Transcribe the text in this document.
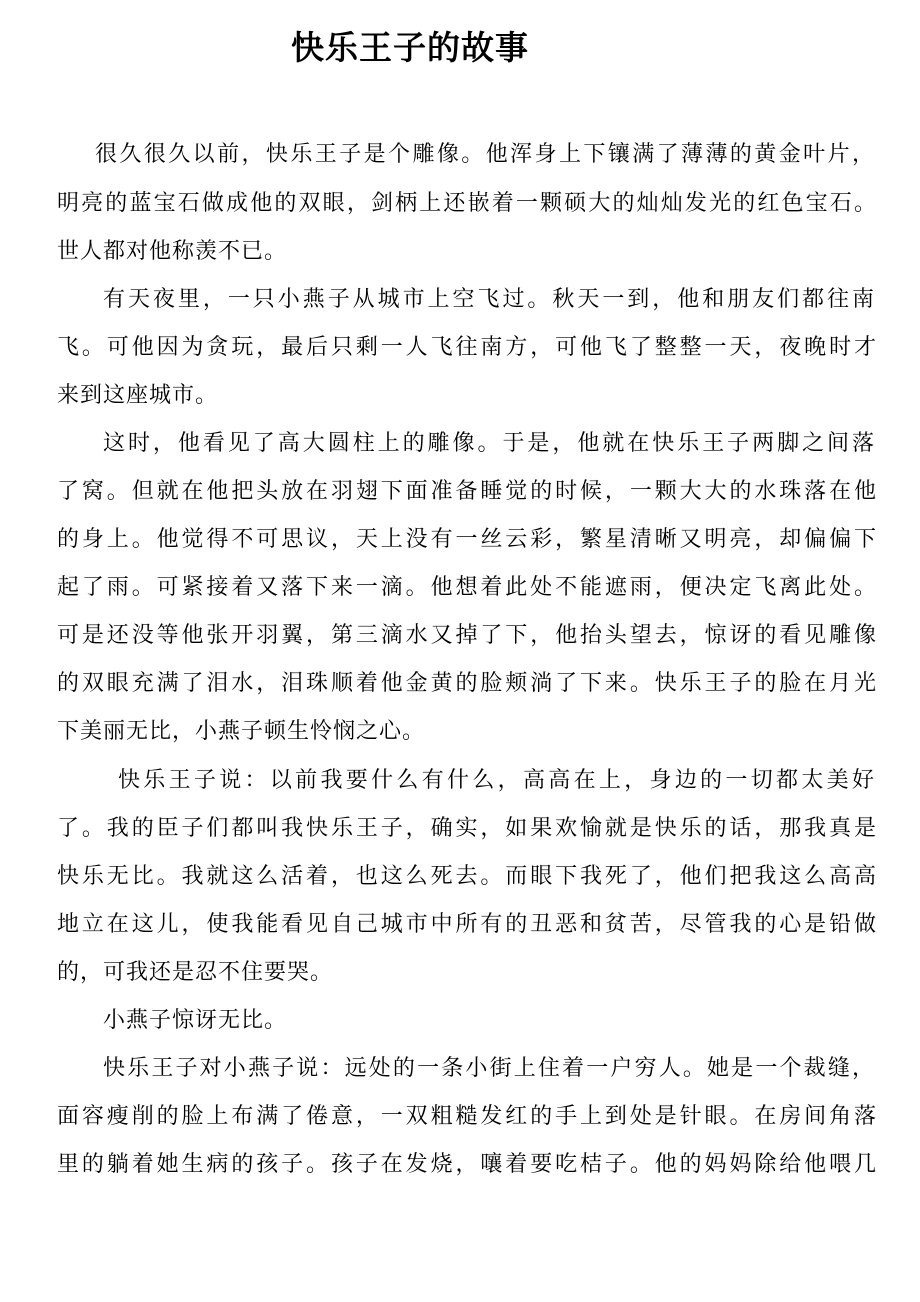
快乐王子的故事
很久很久以前，快乐王子是个雕像。他浑身上下镶满了薄薄的黄金叶片，
明亮的蓝宝石做成他的双眼，剑柄上还嵌着一颗硕大的灿灿发光的红色宝石。
世人都对他称羡不已。
有天夜里，一只小燕子从城市上空飞过。秋天一到，他和朋友们都往南
飞。可他因为贪玩，最后只剩一人飞往南方，可他飞了整整一天，夜晚时才
来到这座城市。
这时，他看见了高大圆柱上的雕像。于是，他就在快乐王子两脚之间落
了窝。但就在他把头放在羽翅下面准备睡觉的时候，一颗大大的水珠落在他
的身上。他觉得不可思议，天上没有一丝云彩，繁星清晰又明亮，却偏偏下
起了雨。可紧接着又落下来一滴。他想着此处不能遮雨，便决定飞离此处。
可是还没等他张开羽翼，第三滴水又掉了下，他抬头望去，惊讶的看见雕像
的双眼充满了泪水，泪珠顺着他金黄的脸颊淌了下来。快乐王子的脸在月光
下美丽无比，小燕子顿生怜悯之心。
快乐王子说：以前我要什么有什么，高高在上，身边的一切都太美好
了。我的臣子们都叫我快乐王子，确实，如果欢愉就是快乐的话，那我真是
快乐无比。我就这么活着，也这么死去。而眼下我死了，他们把我这么高高
地立在这儿，使我能看见自己城市中所有的丑恶和贫苦，尽管我的心是铅做
的，可我还是忍不住要哭。
小燕子惊讶无比。
快乐王子对小燕子说：远处的一条小街上住着一户穷人。她是一个裁缝，
面容瘦削的脸上布满了倦意，一双粗糙发红的手上到处是针眼。在房间角落
里的躺着她生病的孩子。孩子在发烧，嚷着要吃桔子。他的妈妈除给他喂几
